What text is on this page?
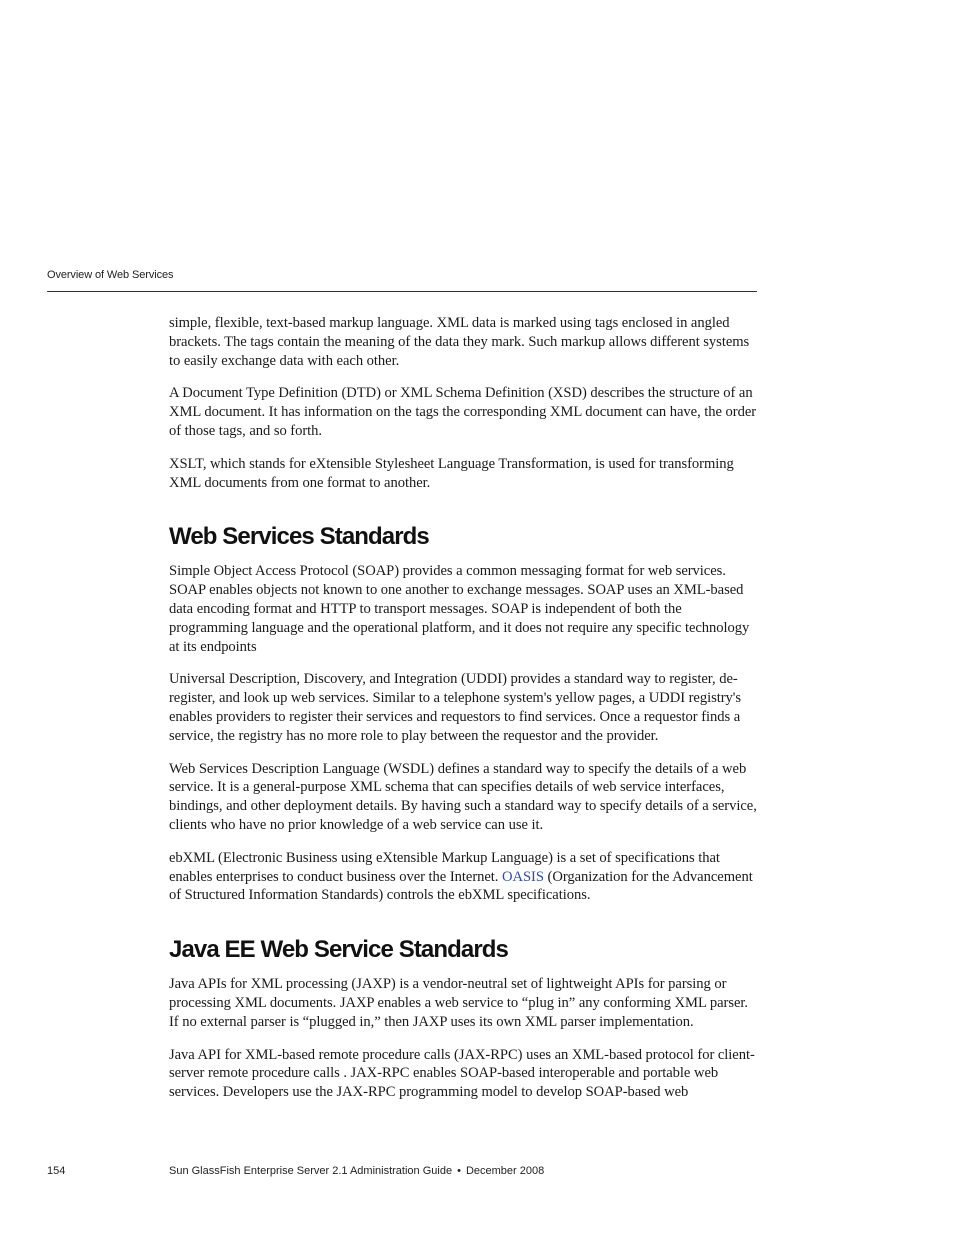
Overview of Web Services

simple, flexible, text-based markup language. XML data is marked using tags enclosed in angled brackets. The tags contain the meaning of the data they mark. Such markup allows different systems to easily exchange data with each other.

A Document Type Definition (DTD) or XML Schema Definition (XSD) describes the structure of an XML document. It has information on the tags the corresponding XML document can have, the order of those tags, and so forth.

XSLT, which stands for eXtensible Stylesheet Language Transformation, is used for transforming XML documents from one format to another.

Web Services Standards

Simple Object Access Protocol (SOAP) provides a common messaging format for web services. SOAP enables objects not known to one another to exchange messages. SOAP uses an XML-based data encoding format and HTTP to transport messages. SOAP is independent of both the programming language and the operational platform, and it does not require any specific technology at its endpoints

Universal Description, Discovery, and Integration (UDDI) provides a standard way to register, de-register, and look up web services. Similar to a telephone system's yellow pages, a UDDI registry's enables providers to register their services and requestors to find services. Once a requestor finds a service, the registry has no more role to play between the requestor and the provider.

Web Services Description Language (WSDL) defines a standard way to specify the details of a web service. It is a general-purpose XML schema that can specifies details of web service interfaces, bindings, and other deployment details. By having such a standard way to specify details of a service, clients who have no prior knowledge of a web service can use it.

ebXML (Electronic Business using eXtensible Markup Language) is a set of specifications that enables enterprises to conduct business over the Internet. OASIS (Organization for the Advancement of Structured Information Standards) controls the ebXML specifications.

Java EE Web Service Standards

Java APIs for XML processing (JAXP) is a vendor-neutral set of lightweight APIs for parsing or processing XML documents. JAXP enables a web service to “plug in” any conforming XML parser. If no external parser is “plugged in,” then JAXP uses its own XML parser implementation.

Java API for XML-based remote procedure calls (JAX-RPC) uses an XML-based protocol for client-server remote procedure calls . JAX-RPC enables SOAP-based interoperable and portable web services. Developers use the JAX-RPC programming model to develop SOAP-based web

154	Sun GlassFish Enterprise Server 2.1 Administration Guide • December 2008
